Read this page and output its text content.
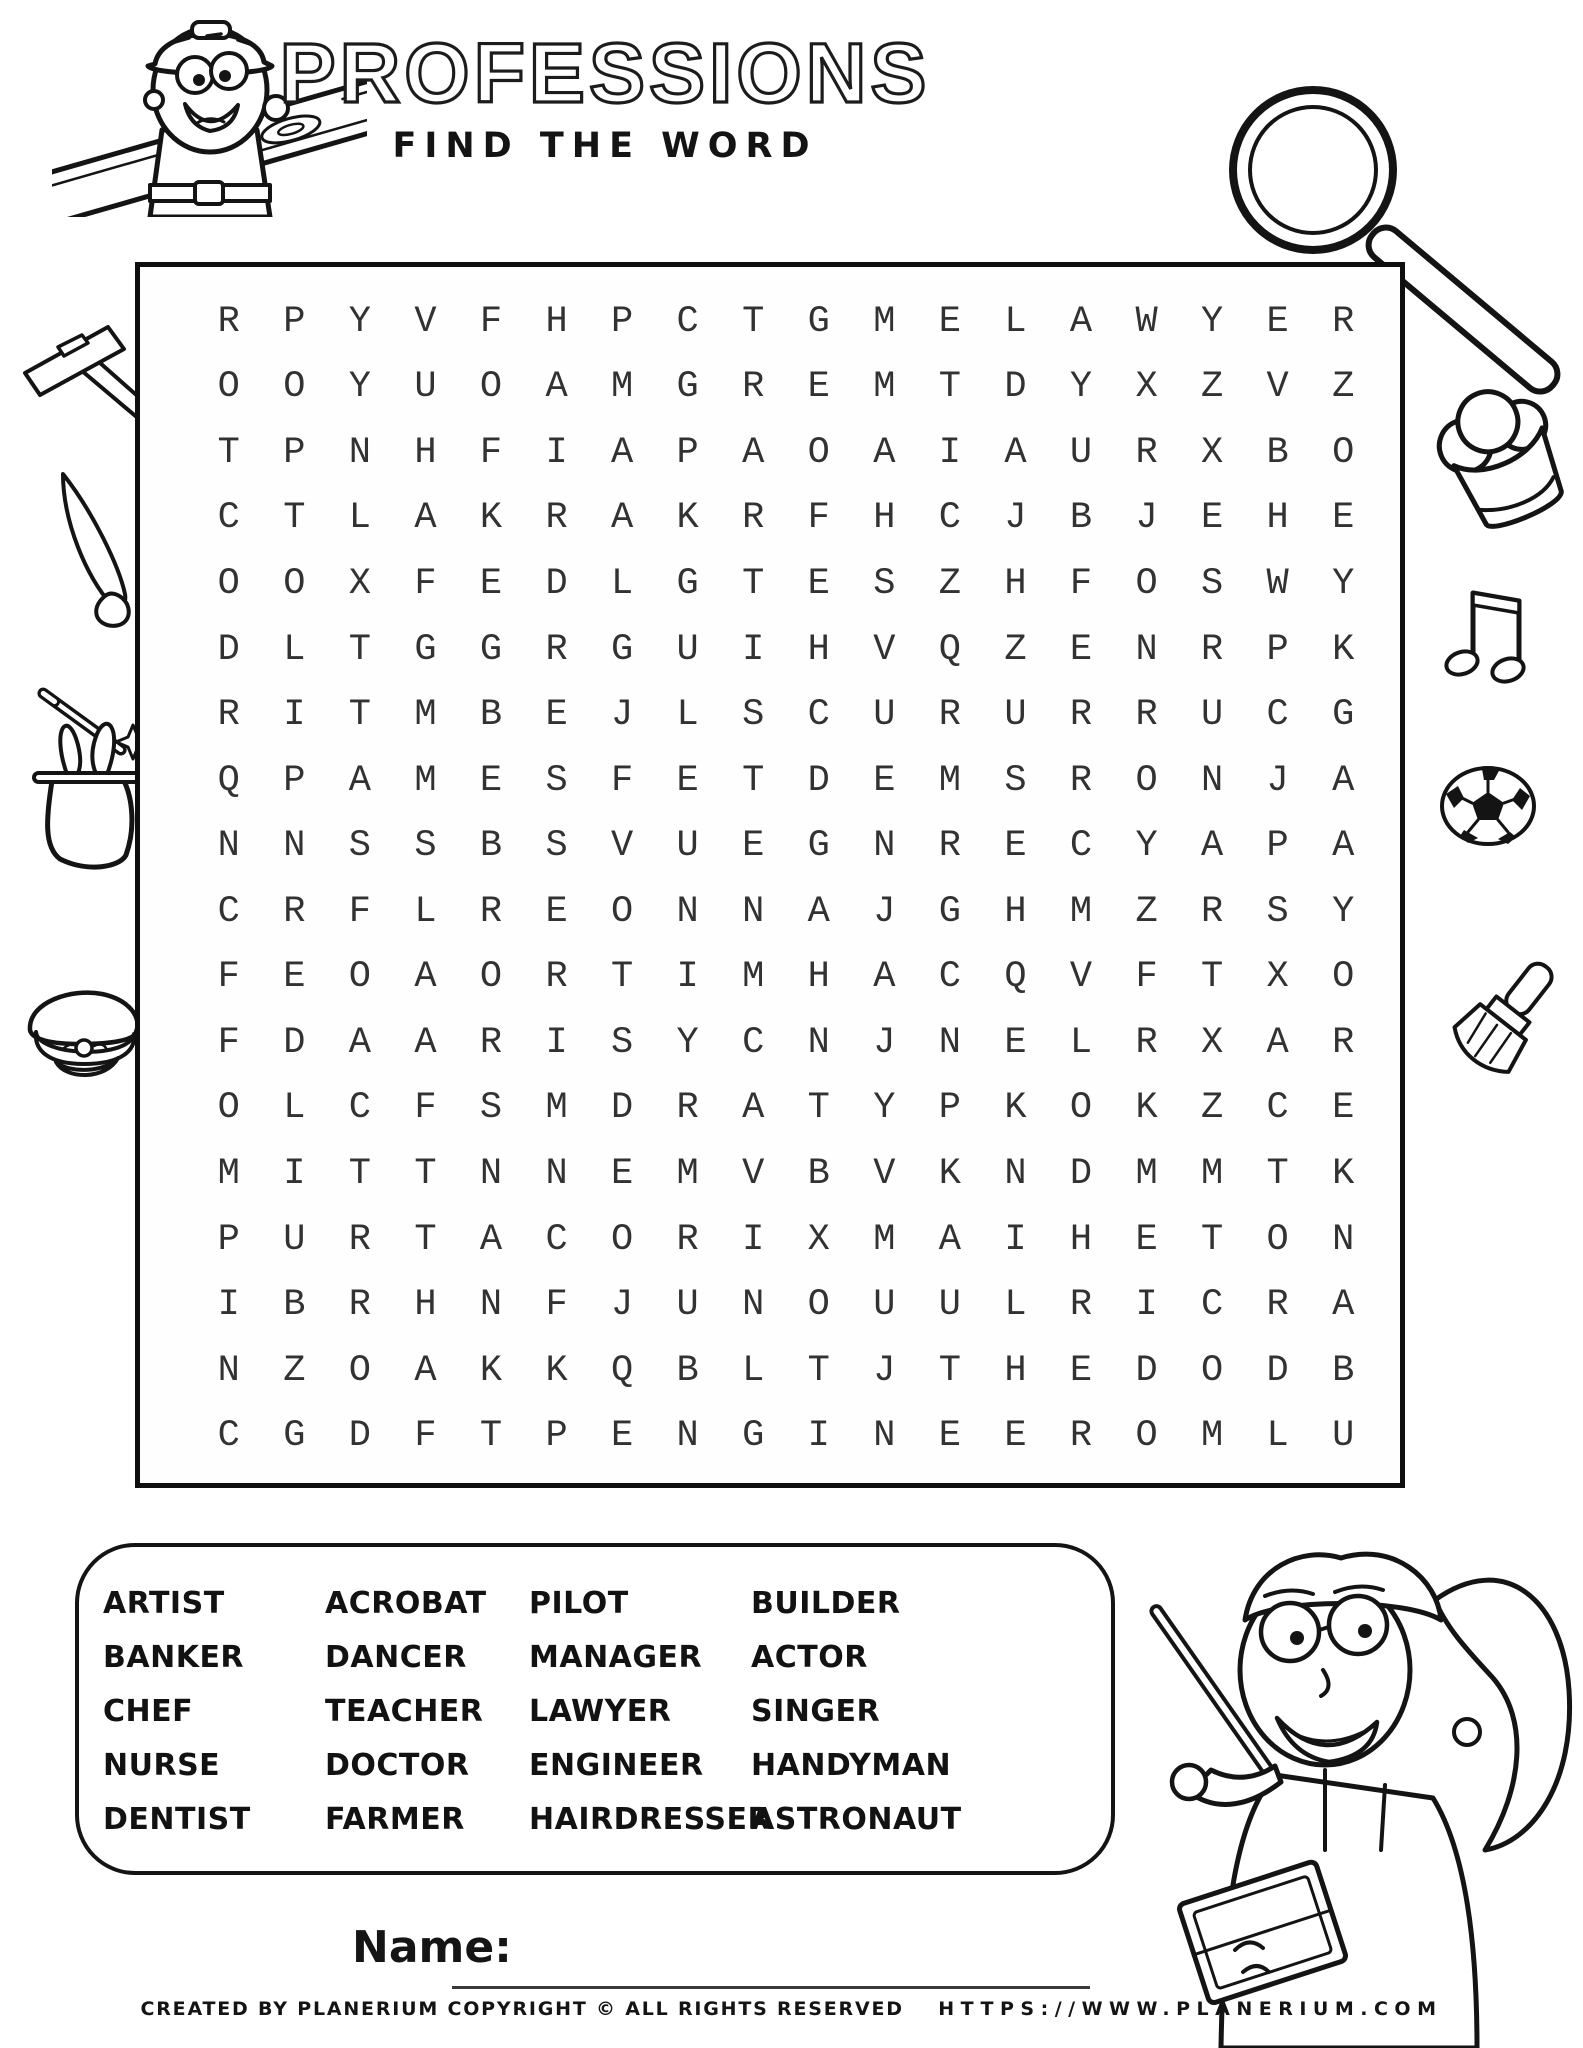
PROFESSIONS
FIND THE WORD
R	P	Y	V	F	H	P	C	T	G	M	E	L	A	W	Y	E	R
O	O	Y	U	O	A	M	G	R	E	M	T	D	Y	X	Z	V	Z
T	P	N	H	F	I	A	P	A	O	A	I	A	U	R	X	B	O
C	T	L	A	K	R	A	K	R	F	H	C	J	B	J	E	H	E
O	O	X	F	E	D	L	G	T	E	S	Z	H	F	O	S	W	Y
D	L	T	G	G	R	G	U	I	H	V	Q	Z	E	N	R	P	K
R	I	T	M	B	E	J	L	S	C	U	R	U	R	R	U	C	G
Q	P	A	M	E	S	F	E	T	D	E	M	S	R	O	N	J	A
N	N	S	S	B	S	V	U	E	G	N	R	E	C	Y	A	P	A
C	R	F	L	R	E	O	N	N	A	J	G	H	M	Z	R	S	Y
F	E	O	A	O	R	T	I	M	H	A	C	Q	V	F	T	X	O
F	D	A	A	R	I	S	Y	C	N	J	N	E	L	R	X	A	R
O	L	C	F	S	M	D	R	A	T	Y	P	K	O	K	Z	C	E
M	I	T	T	N	N	E	M	V	B	V	K	N	D	M	M	T	K
P	U	R	T	A	C	O	R	I	X	M	A	I	H	E	T	O	N
I	B	R	H	N	F	J	U	N	O	U	U	L	R	I	C	R	A
N	Z	O	A	K	K	Q	B	L	T	J	T	H	E	D	O	D	B
C	G	D	F	T	P	E	N	G	I	N	E	E	R	O	M	L	U
ARTIST
BANKER
CHEF
NURSE
DENTIST
ACROBAT
DANCER
TEACHER
DOCTOR
FARMER
PILOT
MANAGER
LAWYER
ENGINEER
HAIRDRESSER
BUILDER
ACTOR
SINGER
HANDYMAN
ASTRONAUT
Name:
CREATED BY PLANERIUM COPYRIGHT © ALL RIGHTS RESERVED HTTPS://WWW.PLANERIUM.COM
